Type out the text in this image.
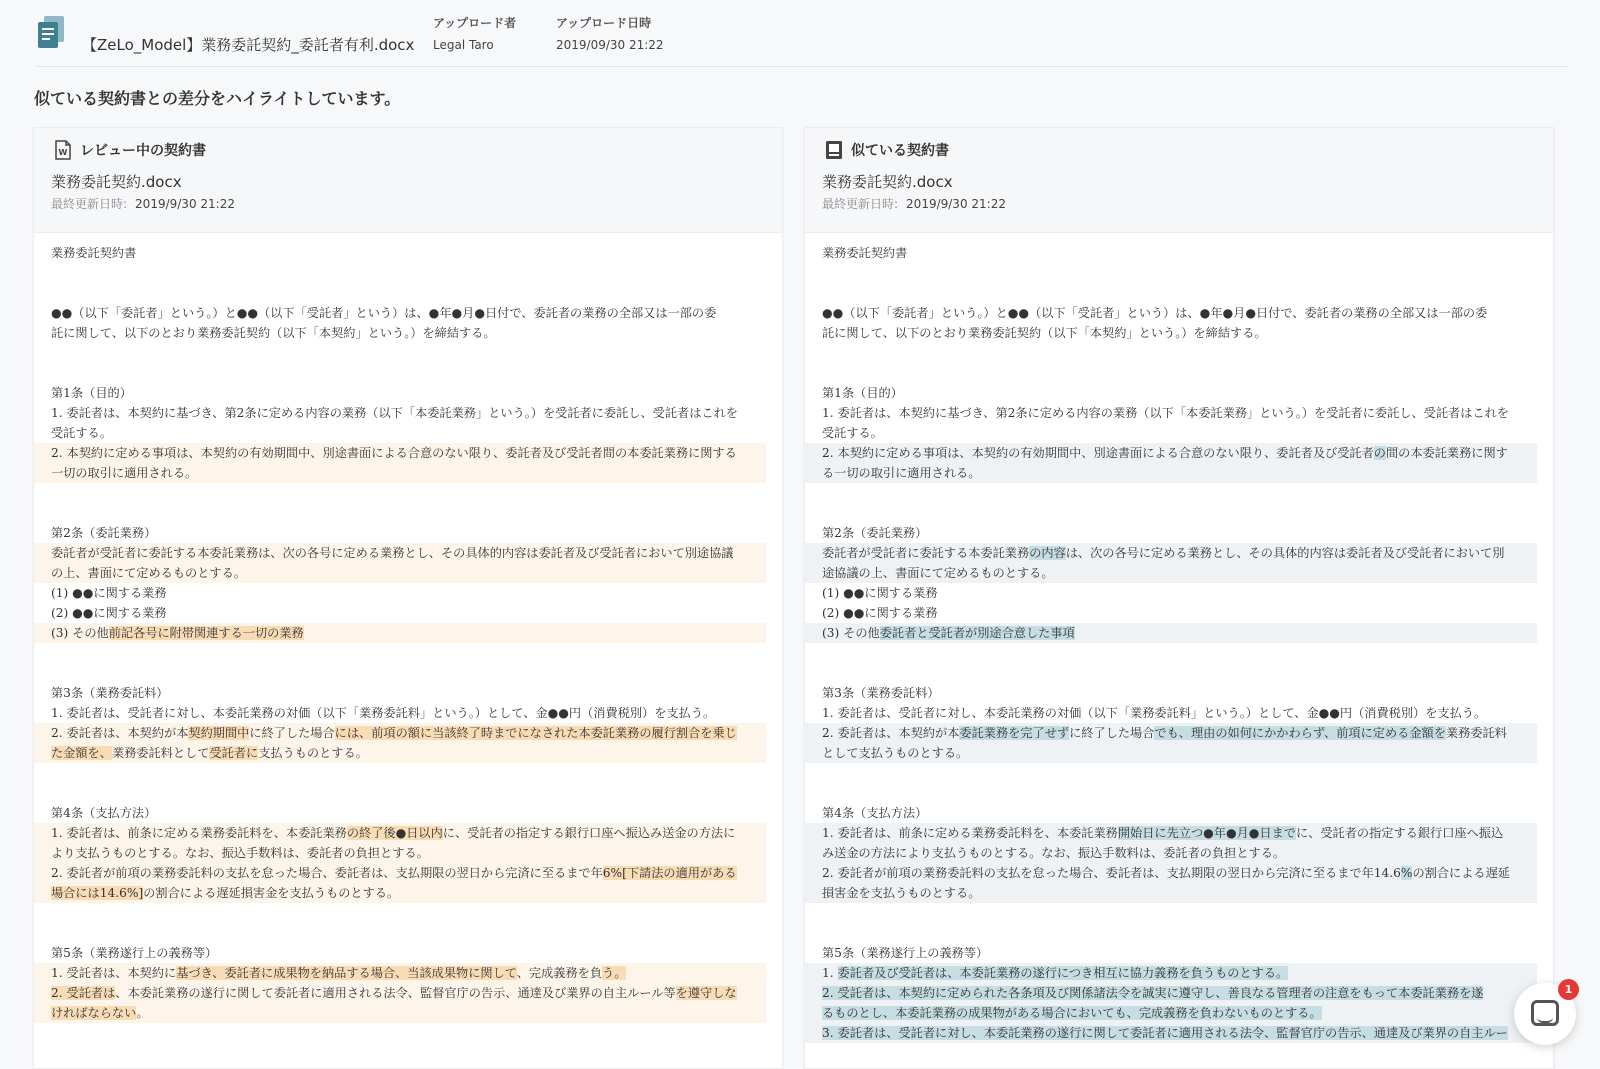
【ZeLo_Model】業務委託契約_委託者有利.docx
アップロード者
Legal Taro
アップロード日時
2019/09/30 21:22
似ている契約書との差分をハイライトしています。
W レビュー中の契約書
業務委託契約.docx
最終更新日時: 2019/9/30 21:22
業務委託契約書
●●（以下「委託者」という。）と●●（以下「受託者」という）は、●年●月●日付で、委託者の業務の全部又は一部の委
託に関して、以下のとおり業務委託契約（以下「本契約」という。）を締結する。
第1条（目的）
1. 委託者は、本契約に基づき、第2条に定める内容の業務（以下「本委託業務」という。）を受託者に委託し、受託者はこれを
受託する。
2. 本契約に定める事項は、本契約の有効期間中、別途書面による合意のない限り、委託者及び受託者間の本委託業務に関する
一切の取引に適用される。
第2条（委託業務）
委託者が受託者に委託する本委託業務は、次の各号に定める業務とし、その具体的内容は委託者及び受託者において別途協議
の上、書面にて定めるものとする。
(1) ●●に関する業務
(2) ●●に関する業務
(3) その他前記各号に附帯関連する一切の業務
第3条（業務委託料）
1. 委託者は、受託者に対し、本委託業務の対価（以下「業務委託料」という。）として、金●●円（消費税別）を支払う。
2. 委託者は、本契約が本契約期間中に終了した場合には、前項の額に当該終了時までになされた本委託業務の履行割合を乗じ
た金額を、業務委託料として受託者に支払うものとする。
第4条（支払方法）
1. 委託者は、前条に定める業務委託料を、本委託業務の終了後●日以内に、受託者の指定する銀行口座へ振込み送金の方法に
より支払うものとする。なお、振込手数料は、委託者の負担とする。
2. 委託者が前項の業務委託料の支払を怠った場合、委託者は、支払期限の翌日から完済に至るまで年6%[下請法の適用がある
場合には14.6%]の割合による遅延損害金を支払うものとする。
第5条（業務遂行上の義務等）
1. 受託者は、本契約に基づき、委託者に成果物を納品する場合、当該成果物に関して、完成義務を負う。
2. 受託者は、本委託業務の遂行に関して委託者に適用される法令、監督官庁の告示、通達及び業界の自主ルール等を遵守しな
ければならない。
似ている契約書
業務委託契約.docx
最終更新日時: 2019/9/30 21:22
業務委託契約書
●●（以下「委託者」という。）と●●（以下「受託者」という）は、●年●月●日付で、委託者の業務の全部又は一部の委
託に関して、以下のとおり業務委託契約（以下「本契約」という。）を締結する。
第1条（目的）
1. 委託者は、本契約に基づき、第2条に定める内容の業務（以下「本委託業務」という。）を受託者に委託し、受託者はこれを
受託する。
2. 本契約に定める事項は、本契約の有効期間中、別途書面による合意のない限り、委託者及び受託者の間の本委託業務に関す
る一切の取引に適用される。
第2条（委託業務）
委託者が受託者に委託する本委託業務の内容は、次の各号に定める業務とし、その具体的内容は委託者及び受託者において別
途協議の上、書面にて定めるものとする。
(1) ●●に関する業務
(2) ●●に関する業務
(3) その他委託者と受託者が別途合意した事項
第3条（業務委託料）
1. 委託者は、受託者に対し、本委託業務の対価（以下「業務委託料」という。）として、金●●円（消費税別）を支払う。
2. 委託者は、本契約が本委託業務を完了せずに終了した場合でも、理由の如何にかかわらず、前項に定める金額を業務委託料
として支払うものとする。
第4条（支払方法）
1. 委託者は、前条に定める業務委託料を、本委託業務開始日に先立つ●年●月●日までに、受託者の指定する銀行口座へ振込
み送金の方法により支払うものとする。なお、振込手数料は、委託者の負担とする。
2. 委託者が前項の業務委託料の支払を怠った場合、委託者は、支払期限の翌日から完済に至るまで年14.6%の割合による遅延
損害金を支払うものとする。
第5条（業務遂行上の義務等）
1. 委託者及び受託者は、本委託業務の遂行につき相互に協力義務を負うものとする。
2. 受託者は、本契約に定められた各条項及び関係諸法令を誠実に遵守し、善良なる管理者の注意をもって本委託業務を遂
るものとし、本委託業務の成果物がある場合においても、完成義務を負わないものとする。
3. 委託者は、受託者に対し、本委託業務の遂行に関して委託者に適用される法令、監督官庁の告示、通達及び業界の自主ルー
1
